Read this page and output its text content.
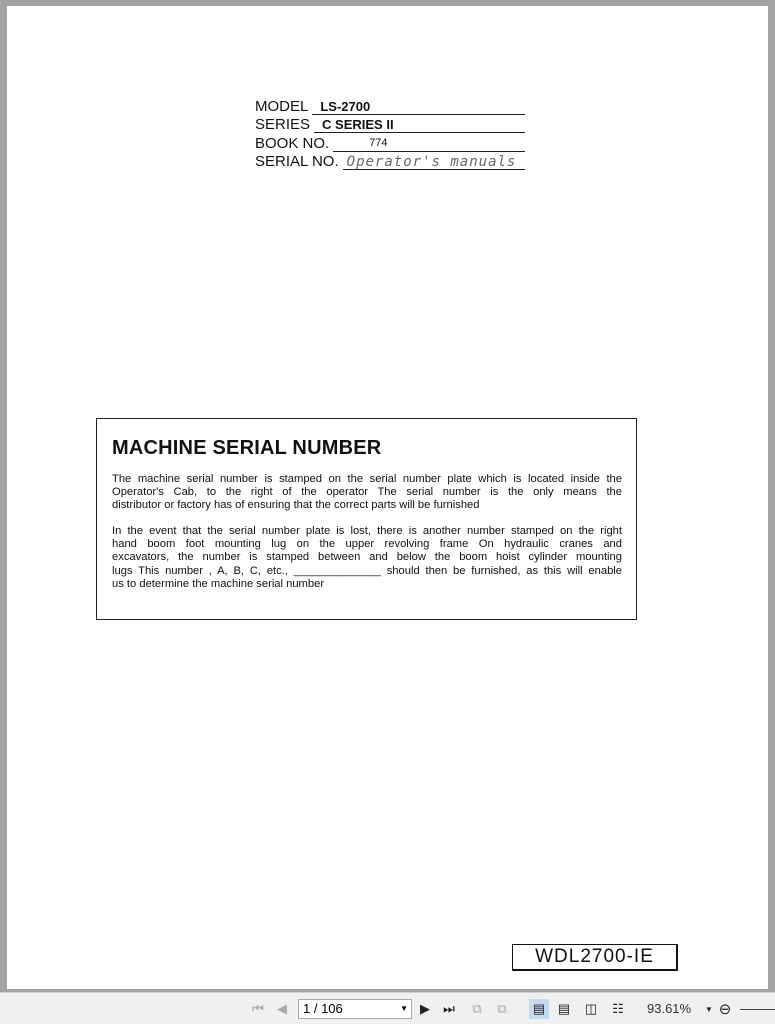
MODEL LS-2700
SERIES C SERIES II
BOOK NO.	774
SERIAL NO. Operator's manuals
MACHINE SERIAL NUMBER
The machine serial number is stamped on the serial number plate which is located inside the
Operator's Cab, to the right of the operator The serial number is the only means the
distributor or factory has of ensuring that the correct parts will be furnished
In the event that the serial number plate is lost, there is another number stamped on the right
hand boom foot mounting lug on the upper revolving frame On hydraulic cranes and
excavators, the number is stamped between and below the boom hoist cylinder mounting
lugs This number , A, B, C, etc., ______________ should then be furnished, as this will enable
us to determine the machine serial number
WDL2700-IE
⏮ ◀	1 / 106	▼ ▶ ⏭	⧉	⧉	▤ ▤	◫	☷	93.61% ▼ ⊖
